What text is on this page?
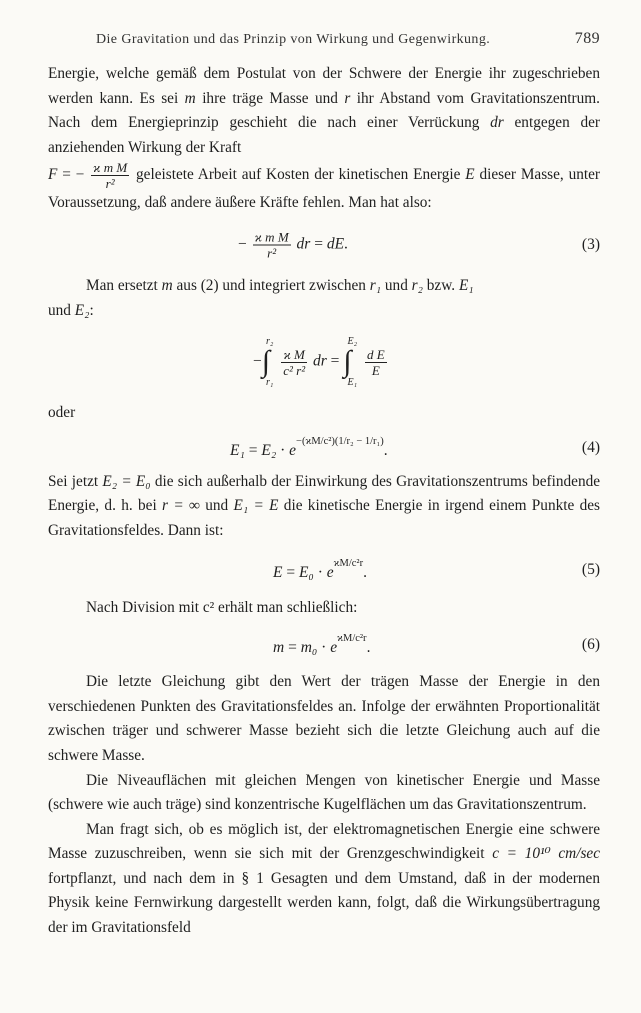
Die Gravitation und das Prinzip von Wirkung und Gegenwirkung.	789

Energie, welche gemäß dem Postulat von der Schwere der Energie ihr zugeschrieben werden kann. Es sei m ihre träge Masse und r ihr Abstand vom Gravitationszentrum. Nach dem Energieprinzip geschieht die nach einer Verrückung dr entgegen der anziehenden Wirkung der Kraft
F = − $\frac{\text{ϰ m M}}{\text{r²}}$ geleistete Arbeit auf Kosten der kinetischen Energie E dieser Masse, unter Voraussetzung, daß andere äußere Kräfte fehlen. Man hat also:

− $\frac{\text{ϰ m M}}{\text{r²}}$ dr = dE.	(3)

Man ersetzt m aus (2) und integriert zwischen r₁ und r₂ bzw. E₁
und E₂:

−∫
r₂
r₁

$\frac{\text{ϰ M}}{\text{c² r²}}$ dr = ∫
E₂
E₁

$\frac{\text{d E}}{E}$

oder

$E_1 = E_2 \cdot e^{-(ϰM/c^2)(1/r_2 - 1/r_1)}$.	(4)

Sei jetzt E₂ = E₀ die sich außerhalb der Einwirkung des Gravitationszentrums befindende Energie, d. h. bei r = ∞ und E₁ = E die kinetische Energie in irgend einem Punkte des Gravitationsfeldes. Dann ist:

$E = E_0 \cdot e^{ϰM/c^2r}$.	(5)

Nach Division mit c² erhält man schließlich:

$m = m_0 \cdot e^{ϰM/c^2r}$.	(6)

Die letzte Gleichung gibt den Wert der trägen Masse der Energie in den verschiedenen Punkten des Gravitationsfeldes an. Infolge der erwähnten Proportionalität zwischen träger und schwerer Masse bezieht sich die letzte Gleichung auch auf die schwere Masse.

Die Niveauflächen mit gleichen Mengen von kinetischer Energie und Masse (schwere wie auch träge) sind konzentrische Kugelflächen um das Gravitationszentrum.

Man fragt sich, ob es möglich ist, der elektromagnetischen Energie eine schwere Masse zuzuschreiben, wenn sie sich mit der Grenzgeschwindigkeit c = 10¹⁰ cm/sec fortpflanzt, und nach dem in § 1 Gesagten und dem Umstand, daß in der modernen Physik keine Fernwirkung dargestellt werden kann, folgt, daß die Wirkungsübertragung der im Gravitationsfeld
